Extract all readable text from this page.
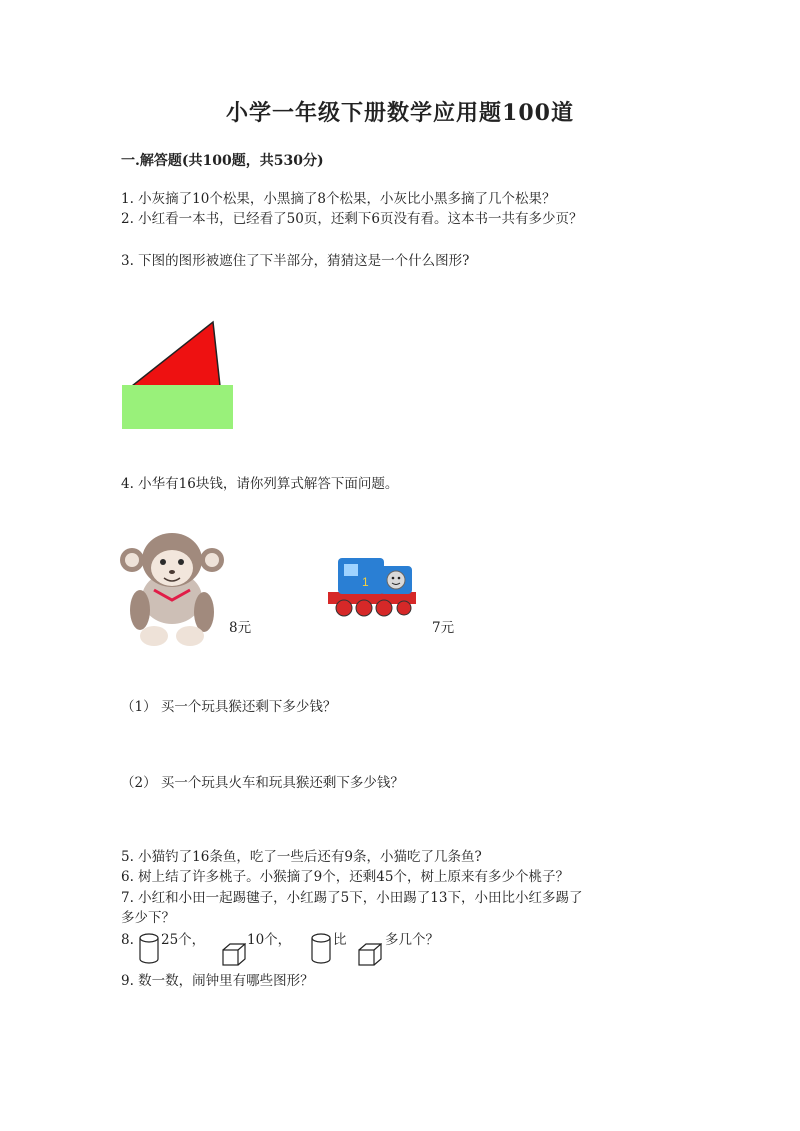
小学一年级下册数学应用题100道
一.解答题(共100题，共530分)
1. 小灰摘了10个松果，小黑摘了8个松果，小灰比小黑多摘了几个松果？
2. 小红看一本书，已经看了50页，还剩下6页没有看。这本书一共有多少页？
3. 下图的图形被遮住了下半部分，猜猜这是一个什么图形?
4. 小华有16块钱，请你列算式解答下面问题。
8元
1
7元
（1） 买一个玩具猴还剩下多少钱？
（2） 买一个玩具火车和玩具猴还剩下多少钱？
5. 小猫钓了16条鱼，吃了一些后还有9条，小猫吃了几条鱼?
6. 树上结了许多桃子。小猴摘了9个，还剩45个，树上原来有多少个桃子？
7. 小红和小田一起踢毽子，小红踢了5下，小田踢了13下，小田比小红多踢了
多少下？
8. 25个，	10个，	比	多几个？
9. 数一数，闹钟里有哪些图形？
